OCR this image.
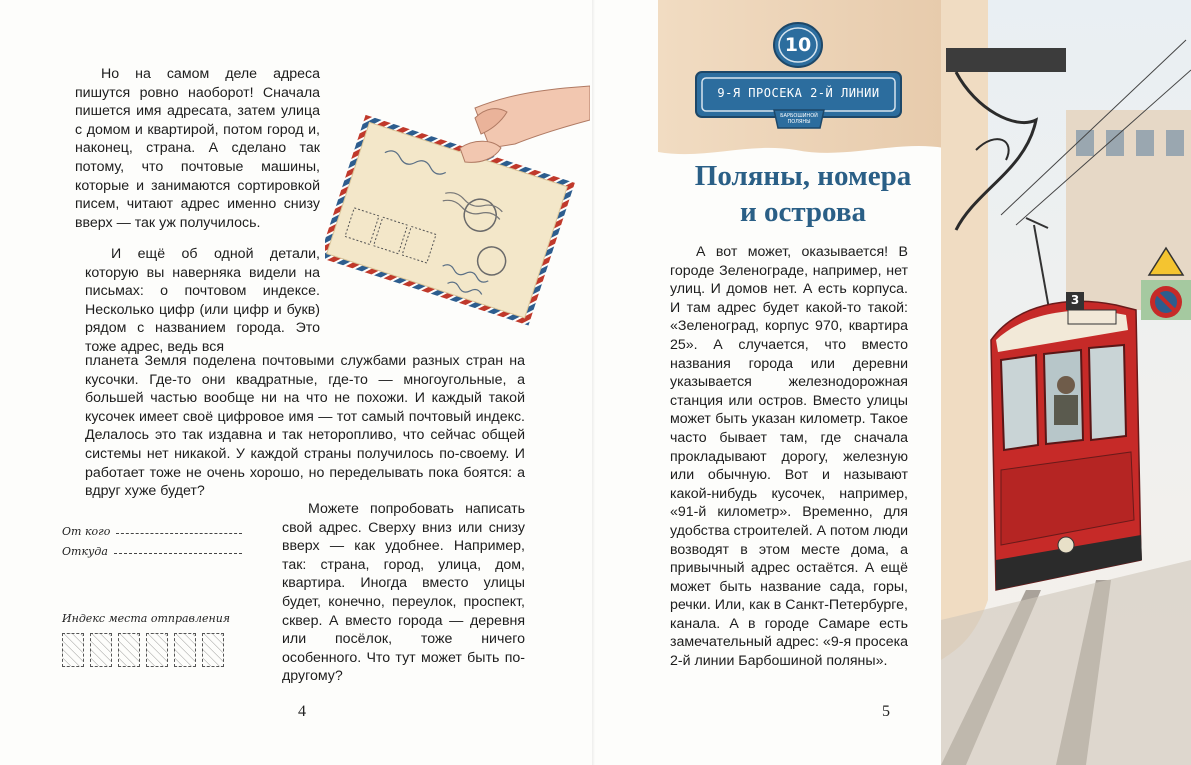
Но на самом деле адреса пишутся ровно наоборот! Сначала пишется имя адресата, затем улица с домом и квартирой, потом город и, наконец, страна. А сделано так потому, что почтовые машины, которые и занимаются сортировкой писем, читают адрес именно снизу вверх — так уж получилось.

И ещё об одной детали, которую вы наверняка видели на письмах: о почтовом индексе. Несколько цифр (или цифр и букв) рядом с названием города. Это тоже адрес, ведь вся

планета Земля поделена почтовыми службами разных стран на кусочки. Где-то они квадратные, где-то — многоугольные, а большей частью вообще ни на что не похожи. И каждый такой кусочек имеет своё цифровое имя — тот самый почтовый индекс. Делалось это так издавна и так неторопливо, что сейчас общей системы нет никакой. У каждой страны получилось по-своему. И работает тоже не очень хорошо, но переделывать пока боятся: а вдруг хуже будет?

Можете попробовать написать свой адрес. Сверху вниз или снизу вверх — как удобнее. Например, так: страна, город, улица, дом, квартира. Иногда вместо улицы будет, конечно, переулок, проспект, сквер. А вместо города — деревня или посёлок, тоже ничего особенного. Что тут может быть по-другому?

От кого
Откуда
Индекс места отправления
4
10
9-Я ПРОСЕКА 2-Й ЛИНИИ
БАРБОШИНОЙ ПОЛЯНЫ
3
Поляны, номера
и острова

А вот может, оказывается! В городе Зеленограде, например, нет улиц. И домов нет. А есть корпуса. И там адрес будет какой-то такой: «Зеленоград, корпус 970, квартира 25». А случается, что вместо названия города или деревни указывается железнодорожная станция или остров. Вместо улицы может быть указан километр. Такое часто бывает там, где сначала прокладывают дорогу, железную или обычную. Вот и называют какой-нибудь кусочек, например, «91-й километр». Временно, для удобства строителей. А потом люди возводят в этом месте дома, а привычный адрес остаётся. А ещё может быть название сада, горы, речки. Или, как в Санкт-Петербурге, канала. А в городе Самаре есть замечательный адрес: «9-я просека 2-й линии Барбошиной поляны».

5
